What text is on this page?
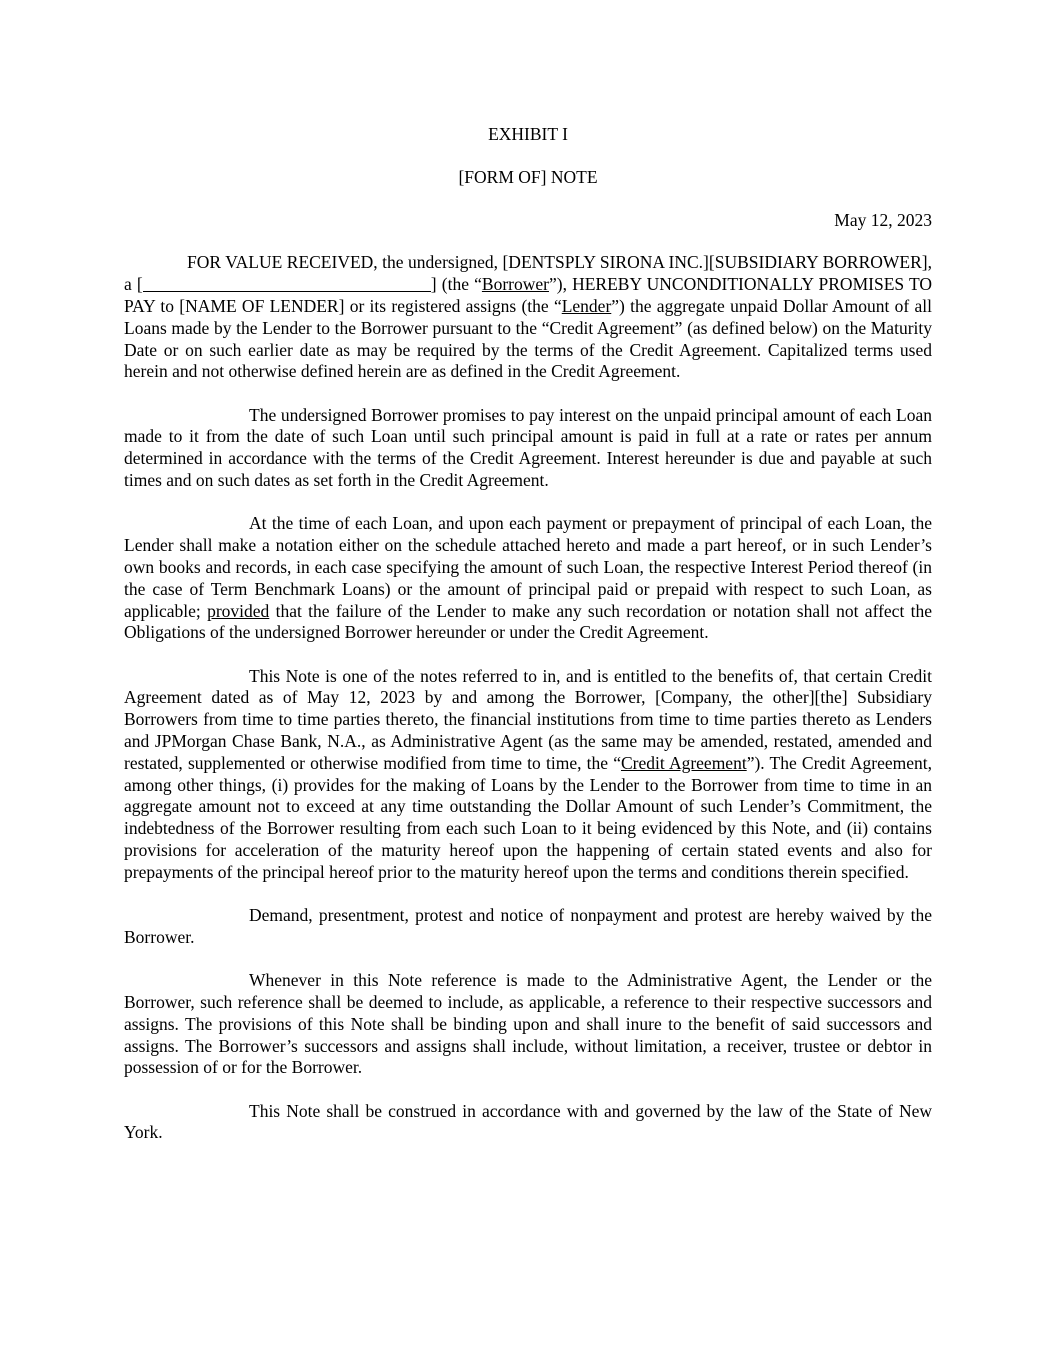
EXHIBIT I

[FORM OF] NOTE

May 12, 2023

FOR VALUE RECEIVED, the undersigned, [DENTSPLY SIRONA INC.][SUBSIDIARY BORROWER], a [	] (the “Borrower”), HEREBY UNCONDITIONALLY PROMISES TO PAY to [NAME OF LENDER] or its registered assigns (the “Lender”) the aggregate unpaid Dollar Amount of all Loans made by the Lender to the Borrower pursuant to the “Credit Agreement” (as defined below) on the Maturity Date or on such earlier date as may be required by the terms of the Credit Agreement. Capitalized terms used herein and not otherwise defined herein are as defined in the Credit Agreement.

The undersigned Borrower promises to pay interest on the unpaid principal amount of each Loan made to it from the date of such Loan until such principal amount is paid in full at a rate or rates per annum determined in accordance with the terms of the Credit Agreement. Interest hereunder is due and payable at such times and on such dates as set forth in the Credit Agreement.

At the time of each Loan, and upon each payment or prepayment of principal of each Loan, the Lender shall make a notation either on the schedule attached hereto and made a part hereof, or in such Lender’s own books and records, in each case specifying the amount of such Loan, the respective Interest Period thereof (in the case of Term Benchmark Loans) or the amount of principal paid or prepaid with respect to such Loan, as applicable; provided that the failure of the Lender to make any such recordation or notation shall not affect the Obligations of the undersigned Borrower hereunder or under the Credit Agreement.

This Note is one of the notes referred to in, and is entitled to the benefits of, that certain Credit Agreement dated as of May 12, 2023 by and among the Borrower, [Company, the other][the] Subsidiary Borrowers from time to time parties thereto, the financial institutions from time to time parties thereto as Lenders and JPMorgan Chase Bank, N.A., as Administrative Agent (as the same may be amended, restated, amended and restated, supplemented or otherwise modified from time to time, the “Credit Agreement”). The Credit Agreement, among other things, (i) provides for the making of Loans by the Lender to the Borrower from time to time in an aggregate amount not to exceed at any time outstanding the Dollar Amount of such Lender’s Commitment, the indebtedness of the Borrower resulting from each such Loan to it being evidenced by this Note, and (ii) contains provisions for acceleration of the maturity hereof upon the happening of certain stated events and also for prepayments of the principal hereof prior to the maturity hereof upon the terms and conditions therein specified.

Demand, presentment, protest and notice of nonpayment and protest are hereby waived by the Borrower.

Whenever in this Note reference is made to the Administrative Agent, the Lender or the Borrower, such reference shall be deemed to include, as applicable, a reference to their respective successors and assigns. The provisions of this Note shall be binding upon and shall inure to the benefit of said successors and assigns. The Borrower’s successors and assigns shall include, without limitation, a receiver, trustee or debtor in possession of or for the Borrower.

This Note shall be construed in accordance with and governed by the law of the State of New York.
